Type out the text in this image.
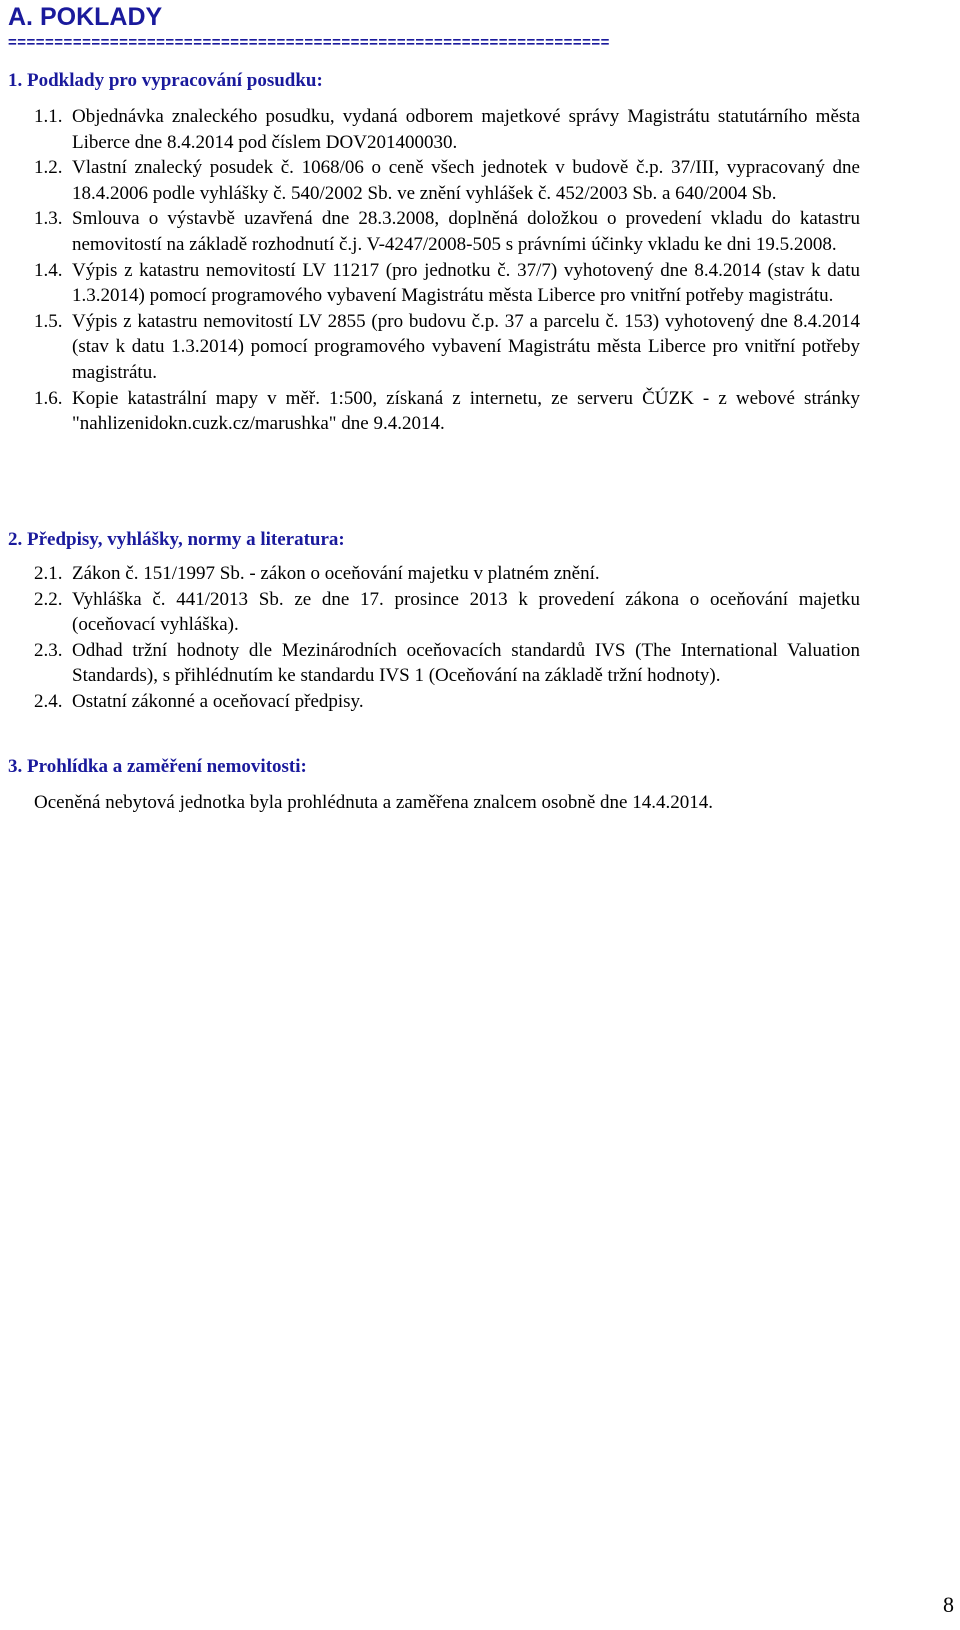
A. POKLADY
=================================================================
1. Podklady pro vypracování posudku:
1.1. Objednávka znaleckého posudku, vydaná odborem majetkové správy Magistrátu statutárního města Liberce dne 8.4.2014 pod číslem DOV201400030.
1.2. Vlastní znalecký posudek č. 1068/06 o ceně všech jednotek v budově č.p. 37/III, vypracovaný dne 18.4.2006 podle vyhlášky č. 540/2002 Sb. ve znění vyhlášek č. 452/2003 Sb. a 640/2004 Sb.
1.3. Smlouva o výstavbě uzavřená dne 28.3.2008, doplněná doložkou o provedení vkladu do katastru nemovitostí na základě rozhodnutí č.j. V-4247/2008-505 s právními účinky vkladu ke dni 19.5.2008.
1.4. Výpis z katastru nemovitostí LV 11217 (pro jednotku č. 37/7) vyhotovený dne 8.4.2014 (stav k datu 1.3.2014) pomocí programového vybavení Magistrátu města Liberce pro vnitřní potřeby magistrátu.
1.5. Výpis z katastru nemovitostí LV 2855 (pro budovu č.p. 37 a parcelu č. 153) vyhotovený dne 8.4.2014 (stav k datu 1.3.2014) pomocí programového vybavení Magistrátu města Liberce pro vnitřní potřeby magistrátu.
1.6. Kopie katastrální mapy v měř. 1:500, získaná z internetu, ze serveru ČÚZK - z webové stránky "nahlizenidokn.cuzk.cz/marushka" dne 9.4.2014.
2. Předpisy, vyhlášky, normy a literatura:
2.1. Zákon č. 151/1997 Sb. - zákon o oceňování majetku v platném znění.
2.2. Vyhláška č. 441/2013 Sb. ze dne 17. prosince 2013 k provedení zákona o oceňování majetku (oceňovací vyhláška).
2.3. Odhad tržní hodnoty dle Mezinárodních oceňovacích standardů IVS (The International Valuation Standards), s přihlédnutím ke standardu IVS 1 (Oceňování na základě tržní hodnoty).
2.4. Ostatní zákonné a oceňovací předpisy.
3. Prohlídka a zaměření nemovitosti:

Oceněná nebytová jednotka byla prohlédnuta a zaměřena znalcem osobně dne 14.4.2014.

8
